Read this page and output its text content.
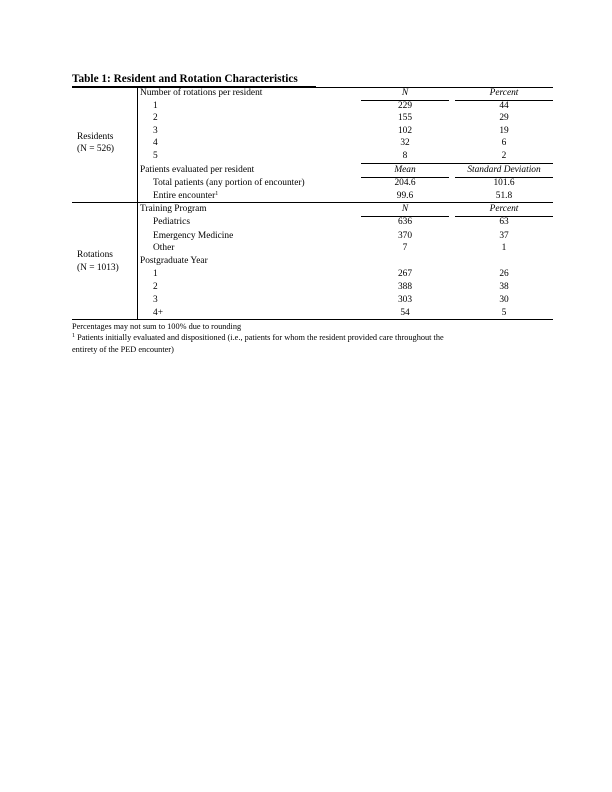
Table 1: Resident and Rotation Characteristics
Residents
(N = 526)
Number of rotations per resident	N	Percent
1	229	44
2	155	29
3	102	19
4	32	6
5	8	2
Patients evaluated per resident	Mean	Standard Deviation
Total patients (any portion of encounter)	204.6	101.6
Entire encounter$^1$	99.6	51.8
Rotations
(N = 1013)
Training Program	N	Percent
Pediatrics	636	63
Emergency Medicine	370	37
Other	7	1
Postgraduate Year
1	267	26
2	388	38
3	303	30
4+	54	5
Percentages may not sum to 100% due to rounding
$^1$ Patients initially evaluated and dispositioned (i.e., patients for whom the resident provided care throughout the
entirety of the PED encounter)
